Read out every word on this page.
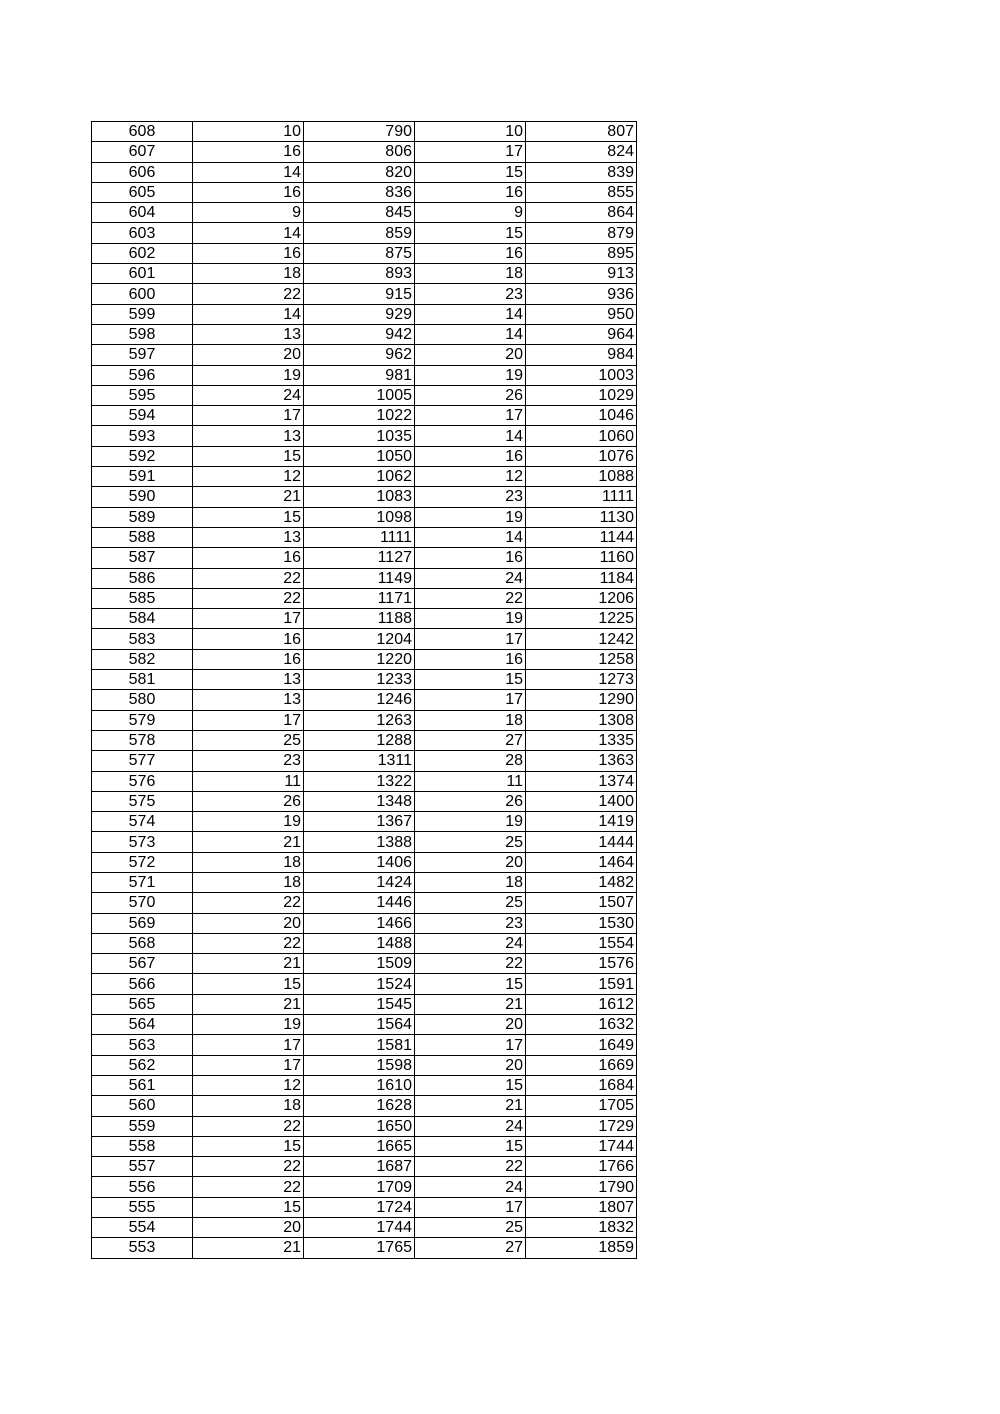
608	10	790	10	807
607	16	806	17	824
606	14	820	15	839
605	16	836	16	855
604	9	845	9	864
603	14	859	15	879
602	16	875	16	895
601	18	893	18	913
600	22	915	23	936
599	14	929	14	950
598	13	942	14	964
597	20	962	20	984
596	19	981	19	1003
595	24	1005	26	1029
594	17	1022	17	1046
593	13	1035	14	1060
592	15	1050	16	1076
591	12	1062	12	1088
590	21	1083	23	1111
589	15	1098	19	1130
588	13	1111	14	1144
587	16	1127	16	1160
586	22	1149	24	1184
585	22	1171	22	1206
584	17	1188	19	1225
583	16	1204	17	1242
582	16	1220	16	1258
581	13	1233	15	1273
580	13	1246	17	1290
579	17	1263	18	1308
578	25	1288	27	1335
577	23	1311	28	1363
576	11	1322	11	1374
575	26	1348	26	1400
574	19	1367	19	1419
573	21	1388	25	1444
572	18	1406	20	1464
571	18	1424	18	1482
570	22	1446	25	1507
569	20	1466	23	1530
568	22	1488	24	1554
567	21	1509	22	1576
566	15	1524	15	1591
565	21	1545	21	1612
564	19	1564	20	1632
563	17	1581	17	1649
562	17	1598	20	1669
561	12	1610	15	1684
560	18	1628	21	1705
559	22	1650	24	1729
558	15	1665	15	1744
557	22	1687	22	1766
556	22	1709	24	1790
555	15	1724	17	1807
554	20	1744	25	1832
553	21	1765	27	1859
